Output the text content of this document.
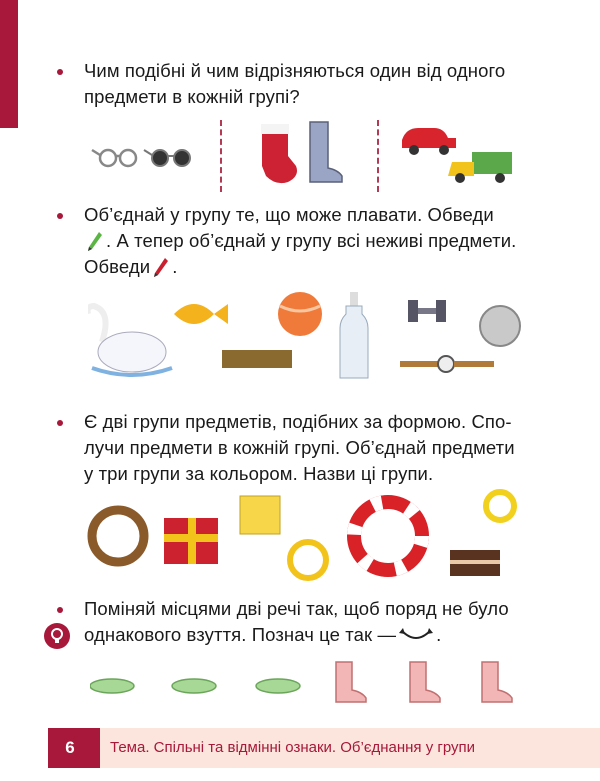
Чим подібні й чим відрізняються один від одного
предмети в кожній групі?
Об’єднай у групу те, що може плавати. Обведи
. А тепер об’єднай у групу всі неживі предмети.
Обведи .
Є дві групи предметів, подібних за формою. Спо-
лучи предмети в кожній групі. Об’єднай предмети
у три групи за кольором. Назви ці групи.
Поміняй місцями дві речі так, щоб поряд не було
однакового взуття. Познач це так — .
6	Тема. Спільні та відмінні ознаки. Об’єднання у групи
